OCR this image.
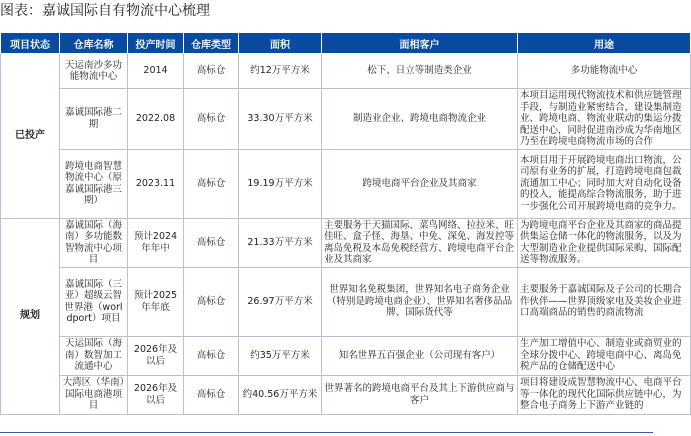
图表：嘉诚国际自有物流中心梳理
项目状态	仓库名称	投产时间	仓库类型	面积	面相客户	用途
已投产	天运南沙多功能物流中心	2014	高标仓	约12万平方米	松下、日立等制造类企业	多功能物流中心
	嘉诚国际港二期	2022.08	高标仓	33.30万平方米	制造业企业、跨境电商物流企业	本项目运用现代物流技术和供应链管理手段，与制造业紧密结合，建设集制造业、跨境电商、物流业联动的集运分拨配送中心，同时促进南沙成为华南地区乃至在跨境电商物流市场的合作
	跨境电商智慧物流中心（原嘉诚国际港三期）	2023.11	高标仓	19.19万平方米	跨境电商平台企业及其商家	本项目用于开展跨境电商出口物流，公司原有业务的扩展，打造跨境电商包裁流通加工中心；同时加大对自动化设备的投入，能提高综合物流服务，助于进一步强化公司开展跨境电商的竞争力。
规划	嘉诚国际（海南）多功能数智物流中心项目	预计2024年年中	高标仓	21.33万平方米	主要服务于天猫国际、菜鸟网络、拉拉米、旺佳旺、盒子怪、海垦、中免、深免、海发控等离岛免税及本岛免税经营方、跨境电商平台企业及其商家	为跨境电商平台企业及其商家的商品提供集运仓储一体化的物流服务，以及为大型制造业企业提供国际采购、国际配送等物流服务。
	嘉诚国际（三亚）超级云智世界港（worldport）项目	预计2025年年底	高标仓	26.97万平方米	世界知名免税集团，世界知名电子商务企业（特别是跨境电商企业）、世界知名奢侈品品牌、国际货代等	主要服务于嘉诚国际及子公司的长期合作伙伴——世界顶级家电及美妆企业进口高端商品的销售的商流物流
	天运国际（海南）数智加工流通中心	2026年及以后	高标仓	约35万平方米	知名世界五百强企业（公司现有客户）	生产加工增值中心、制造业或商贸业的全球分拨中心、跨境电商中心、离岛免税产品的仓储配送中心
	大湾区（华南）国际电商港项目	2026年及以后	高标仓	约40.56万平方米	世界著名的跨境电商平台及其上下游供应商与客户	项目将建设成智慧物流中心、电商平台等一体化的现代化国际供应链中心，为整合电子商务上下游产业链的
